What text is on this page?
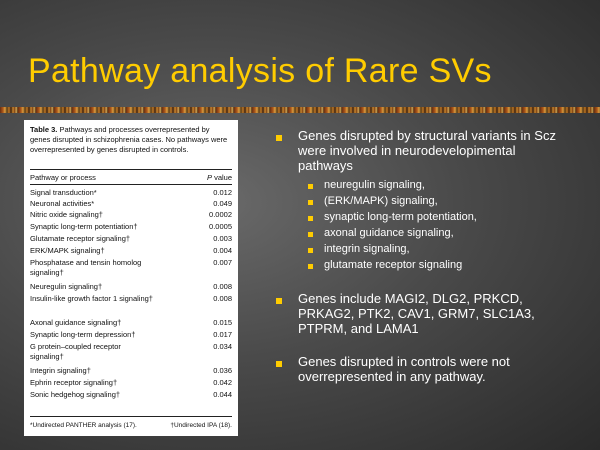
Pathway analysis of Rare SVs
Table 3. Pathways and processes overrepresented by genes disrupted in schizophrenia cases. No pathways were overrepresented by genes disrupted in controls.
Pathway or process	P value
Signal transduction*	0.012
Neuronal activities*	0.049
Nitric oxide signaling†	0.0002
Synaptic long-term potentiation†	0.0005
Glutamate receptor signaling†	0.003
ERK/MAPK signaling†	0.004
Phosphatase and tensin homolog signaling†
0.007
Neuregulin signaling†	0.008
Insulin-like growth factor 1 signaling†	0.008
Axonal guidance signaling†	0.015
Synaptic long-term depression†	0.017
G protein–coupled receptor signaling†
0.034
Integrin signaling†	0.036
Ephrin receptor signaling†	0.042
Sonic hedgehog signaling†	0.044
*Undirected PANTHER analysis (17).	†Undirected IPA (18).
Genes disrupted by structural variants in Scz were involved in neurodevelopimental pathways
neuregulin signaling,
(ERK/MAPK) signaling,
synaptic long-term potentiation,
axonal guidance signaling,
integrin signaling,
glutamate receptor signaling
Genes include MAGI2, DLG2, PRKCD, PRKAG2, PTK2, CAV1, GRM7, SLC1A3, PTPRM, and LAMA1
Genes disrupted in controls were not overrepresented in any pathway.
